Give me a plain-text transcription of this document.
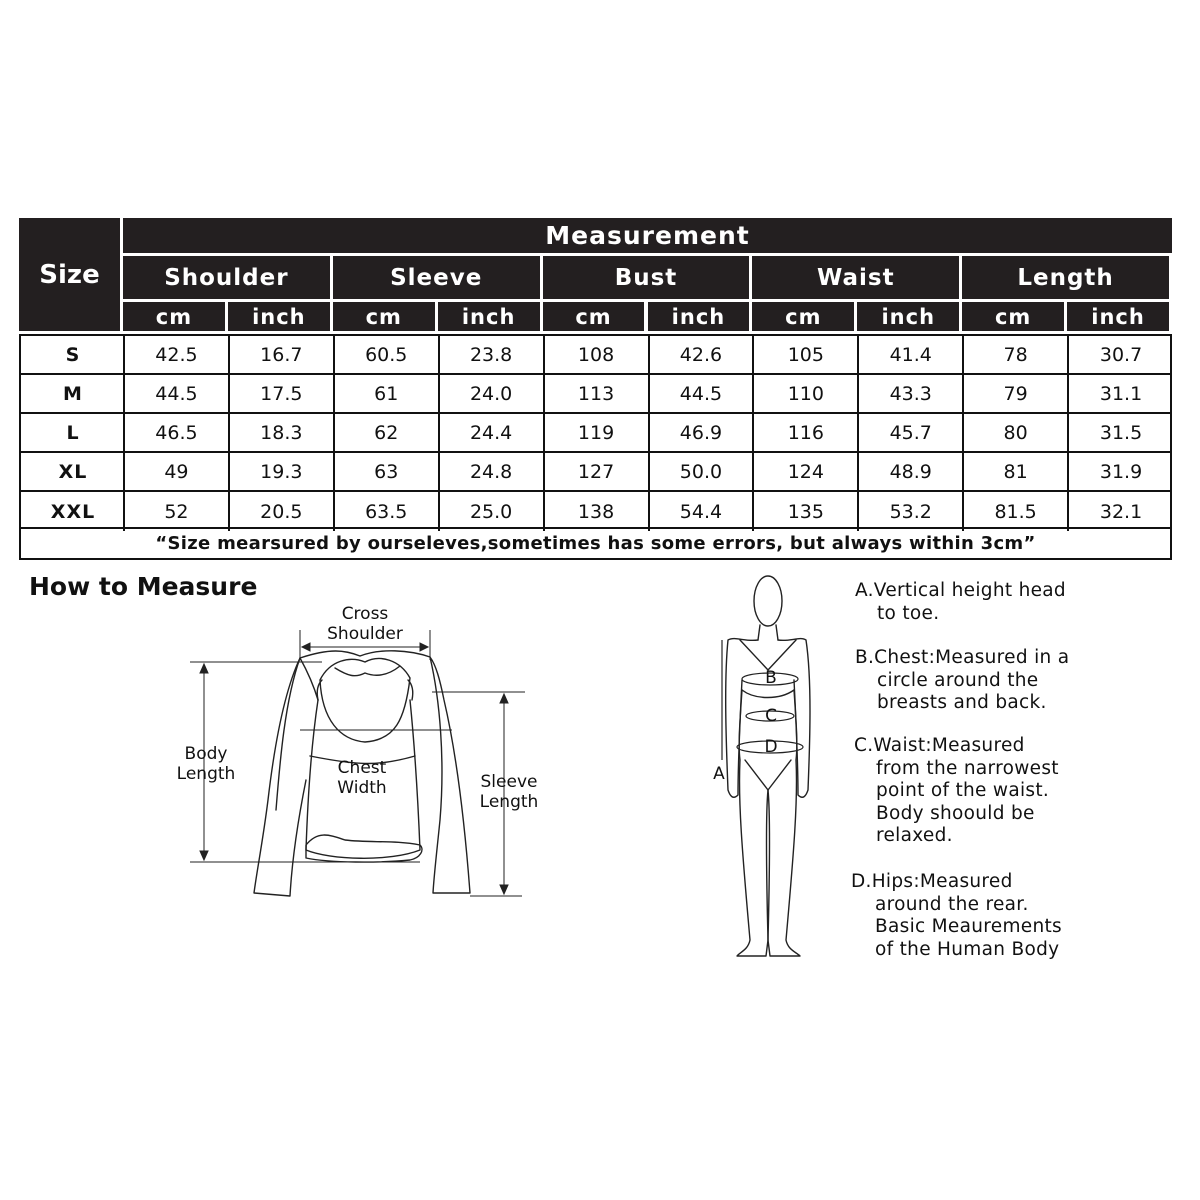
Size
Measurement
Shoulder	Sleeve	Bust	Waist	Length
cm	inch	cm	inch	cm	inch	cm	inch	cm	inch
S	42.5	16.7	60.5	23.8	108	42.6	105	41.4	78	30.7
M	44.5	17.5	61	24.0	113	44.5	110	43.3	79	31.1
L	46.5	18.3	62	24.4	119	46.9	116	45.7	80	31.5
XL	49	19.3	63	24.8	127	50.0	124	48.9	81	31.9
XXL	52	20.5	63.5	25.0	138	54.4	135	53.2	81.5	32.1
“Size mearsured by ourseleves,sometimes has some errors, but always within 3cm”
How to Measure
Cross
Shoulder
Body
Length	Chest
Width	Sleeve
Length
B
C
D
A
A.Vertical height head
to toe.
B.Chest:Measured in a
circle around the
breasts and back.
C.Waist:Measured
from the narrowest
point of the waist.
Body shoould be
relaxed.
D.Hips:Measured
around the rear.
Basic Meaurements
of the Human Body
